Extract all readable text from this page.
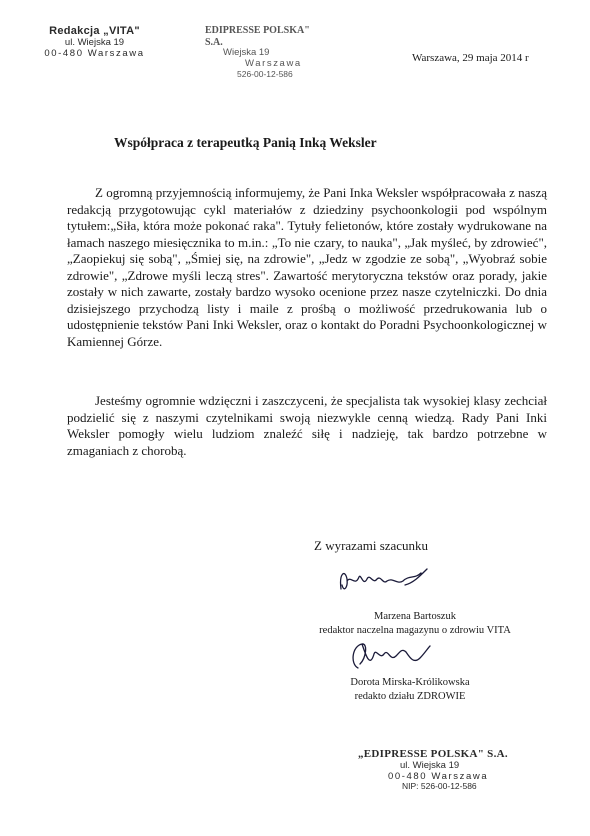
Redakcja „VITA"
ul. Wiejska 19
00-480 Warszawa
EDIPRESSE POLSKA" S.A.
Wiejska 19
Warszawa
526-00-12-586
Warszawa, 29 maja 2014 r
Współpraca z terapeutką Panią Inką Weksler

Z ogromną przyjemnością informujemy, że Pani Inka Weksler współpracowała z naszą redakcją przygotowując cykl materiałów z dziedziny psychoonkologii pod wspólnym tytułem:„Siła, która może pokonać raka". Tytuły felietonów, które zostały wydrukowane na łamach naszego miesięcznika to m.in.: „To nie czary, to nauka", „Jak myśleć, by zdrowieć", „Zaopiekuj się sobą", „Śmiej się, na zdrowie", „Jedz w zgodzie ze sobą", „Wyobraź sobie zdrowie", „Zdrowe myśli leczą stres". Zawartość merytoryczna tekstów oraz porady, jakie zostały w nich zawarte, zostały bardzo wysoko ocenione przez nasze czytelniczki. Do dnia dzisiejszego przychodzą listy i maile z prośbą o możliwość przedrukowania lub o udostępnienie tekstów Pani Inki Weksler, oraz o kontakt do Poradni Psychoonkologicznej w Kamiennej Górze.

Jesteśmy ogromnie wdzięczni i zaszczyceni, że specjalista tak wysokiej klasy zechciał podzielić się z naszymi czytelnikami swoją niezwykle cenną wiedzą. Rady Pani Inki Weksler pomogły wielu ludziom znaleźć siłę i nadzieję, tak bardzo potrzebne w zmaganiach z chorobą.

Z wyrazami szacunku
Marzena Bartoszuk
redaktor naczelna magazynu o zdrowiu VITA
Dorota Mirska-Królikowska
redakto działu ZDROWIE
„EDIPRESSE POLSKA" S.A.
ul. Wiejska 19
00-480 Warszawa
NIP: 526-00-12-586
